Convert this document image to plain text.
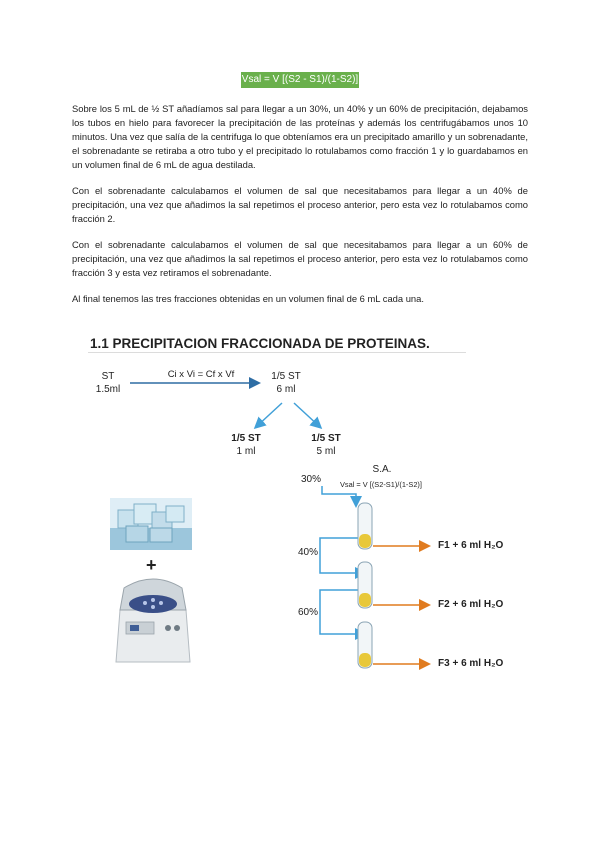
Vsal = V [(S2 - S1)/(1-S2)]

Sobre los 5 mL de ½ ST añadíamos sal para llegar a un 30%, un 40% y un 60% de precipitación, dejabamos los tubos en hielo para favorecer la precipitación de las proteínas y además los centrifugábamos unos 10 minutos. Una vez que salía de la centrifuga lo que obteníamos era un precipitado amarillo y un sobrenadante, el sobrenadante se retiraba a otro tubo y el precipitado lo rotulabamos como fracción 1 y lo guardabamos en un volumen final de 6 mL de agua destilada.

Con el sobrenadante calculabamos el volumen de sal que necesitabamos para llegar a un 40% de precipitación, una vez que añadimos la sal repetimos el proceso anterior, pero esta vez lo rotulabamos como fracción 2.

Con el sobrenadante calculabamos el volumen de sal que necesitabamos para llegar a un 60% de precipitación, una vez que añadimos la sal repetimos el proceso anterior, pero esta vez lo rotulabamos como fracción 3 y esta vez retiramos el sobrenadante.

Al final tenemos las tres fracciones obtenidas en un volumen final de 6 mL cada una.

1.1 PRECIPITACION FRACCIONADA DE PROTEINAS.
ST
1.5ml
Ci x Vi = Cf x Vf	1/5 ST
6 ml
1/5 ST
1 ml
1/5 ST
5 ml
S.A.
Vsal = V [(S2-S1)/(1-S2)]
30%
40%
60%
F1 + 6 ml H₂O
F2 + 6 ml H₂O
F3 + 6 ml H₂O
+
